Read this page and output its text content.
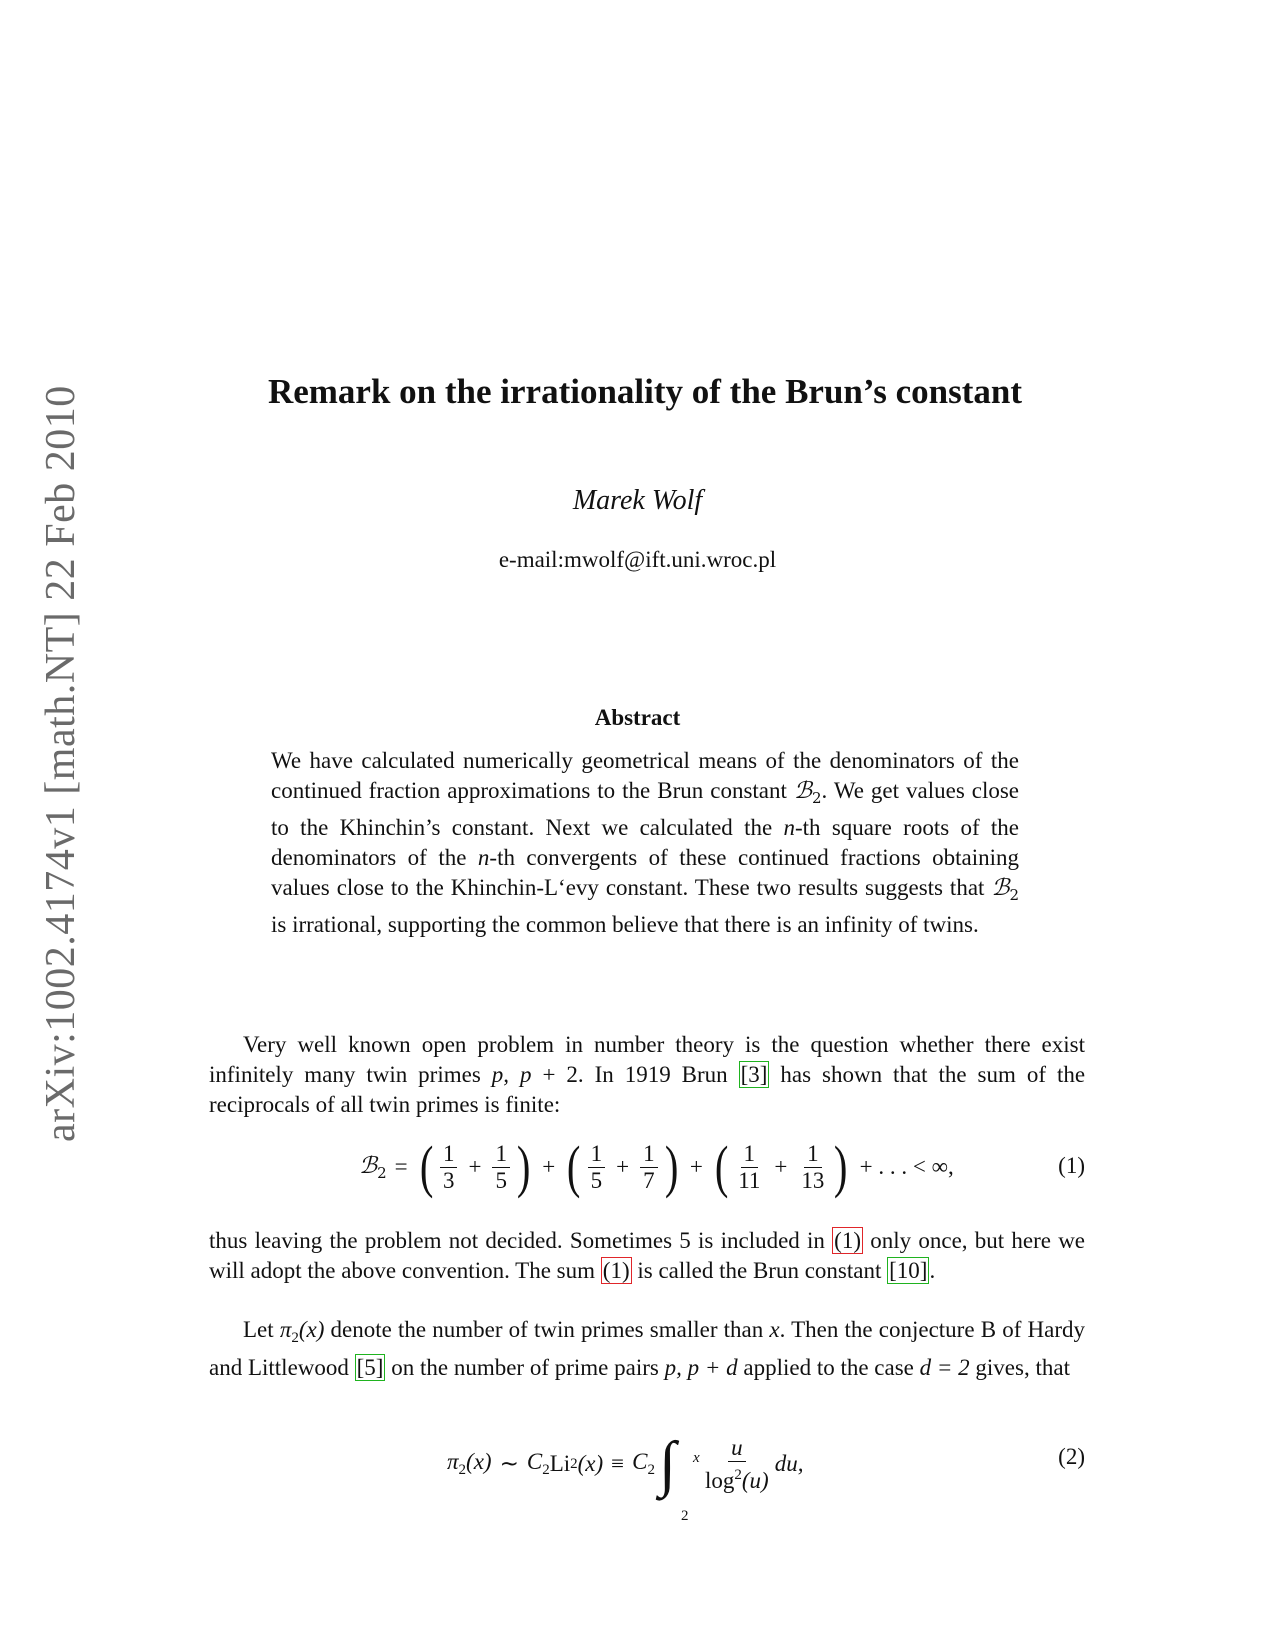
arXiv:1002.4174v1 [math.NT] 22 Feb 2010	Remark on the irrationality of the Brun’s constant
Marek Wolf
e-mail:mwolf@ift.uni.wroc.pl
Abstract
We have calculated numerically geometrical means of the denominators of the continued fraction approximations to the Brun constant ℬ$_2$. We get values close to the Khinchin’s constant. Next we calculated the n-th square roots of the denominators of the n-th convergents of these continued fractions obtaining values close to the Khinchin-L‘evy constant. These two results suggests that ℬ$_2$ is irrational, supporting the common believe that there is an infinity of twins.
Very well known open problem in number theory is the question whether there exist infinitely many twin primes p, p + 2. In 1919 Brun [3] has shown that the sum of the reciprocals of all twin primes is finite:
ℬ$_2$ = ( $\frac{1}{3} + \frac{1}{5}$ ) + ( $\frac{1}{5} + \frac{1}{7}$ ) + ( $\frac{1}{11} + \frac{1}{13}$ ) + . . . < ∞,	(1)
thus leaving the problem not decided. Sometimes 5 is included in (1) only once, but here we will adopt the above convention. The sum (1) is called the Brun constant [10].
Let $\pi_2(x)$ denote the number of twin primes smaller than x. Then the conjecture B of Hardy and Littlewood [5] on the number of prime pairs p, p + d applied to the case d = 2 gives, that
$\pi_2(x)$ ∼ $C_2$ Li 2 $(x) \equiv C_2$ ∫ x
2
$\frac{u}{\log^2(u)}$ du,	(2)
